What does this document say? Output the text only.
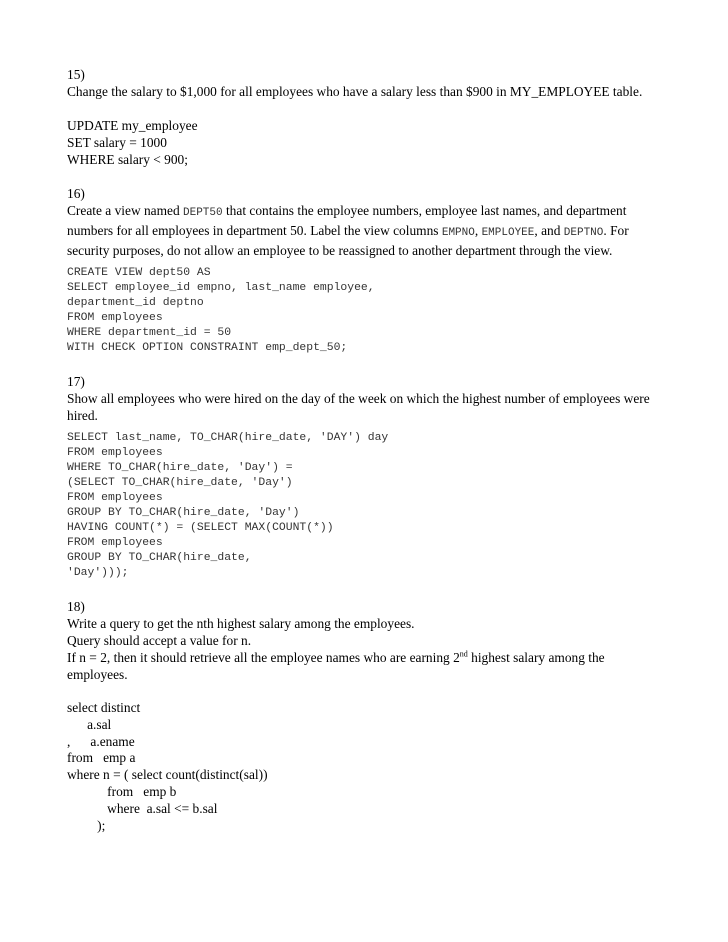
15)

Change the salary to $1,000 for all employees who have a salary less than $900 in MY_EMPLOYEE table.

UPDATE my_employee

SET salary = 1000

WHERE salary < 900;

16)

Create a view named DEPT50 that contains the employee numbers, employee last names, and department numbers for all employees in department 50. Label the view columns EMPNO, EMPLOYEE, and DEPTNO. For security purposes, do not allow an employee to be reassigned to another department through the view.

CREATE VIEW dept50 AS

SELECT employee_id empno, last_name employee,

department_id deptno

FROM employees

WHERE department_id = 50

WITH CHECK OPTION CONSTRAINT emp_dept_50;

17)

Show all employees who were hired on the day of the week on which the highest number of employees were hired.

SELECT last_name, TO_CHAR(hire_date, 'DAY') day

FROM employees

WHERE TO_CHAR(hire_date, 'Day') =

(SELECT TO_CHAR(hire_date, 'Day')

FROM employees

GROUP BY TO_CHAR(hire_date, 'Day')

HAVING COUNT(*) = (SELECT MAX(COUNT(*))

FROM employees

GROUP BY TO_CHAR(hire_date,

'Day')));

18)

Write a query to get the nth highest salary among the employees.

Query should accept a value for n.

If n = 2, then it should retrieve all the employee names who are earning 2nd highest salary among the employees.

select distinct

a.sal

,      a.ename

from   emp a

where n = ( select count(distinct(sal))

from   emp b

where  a.sal <= b.sal

);
